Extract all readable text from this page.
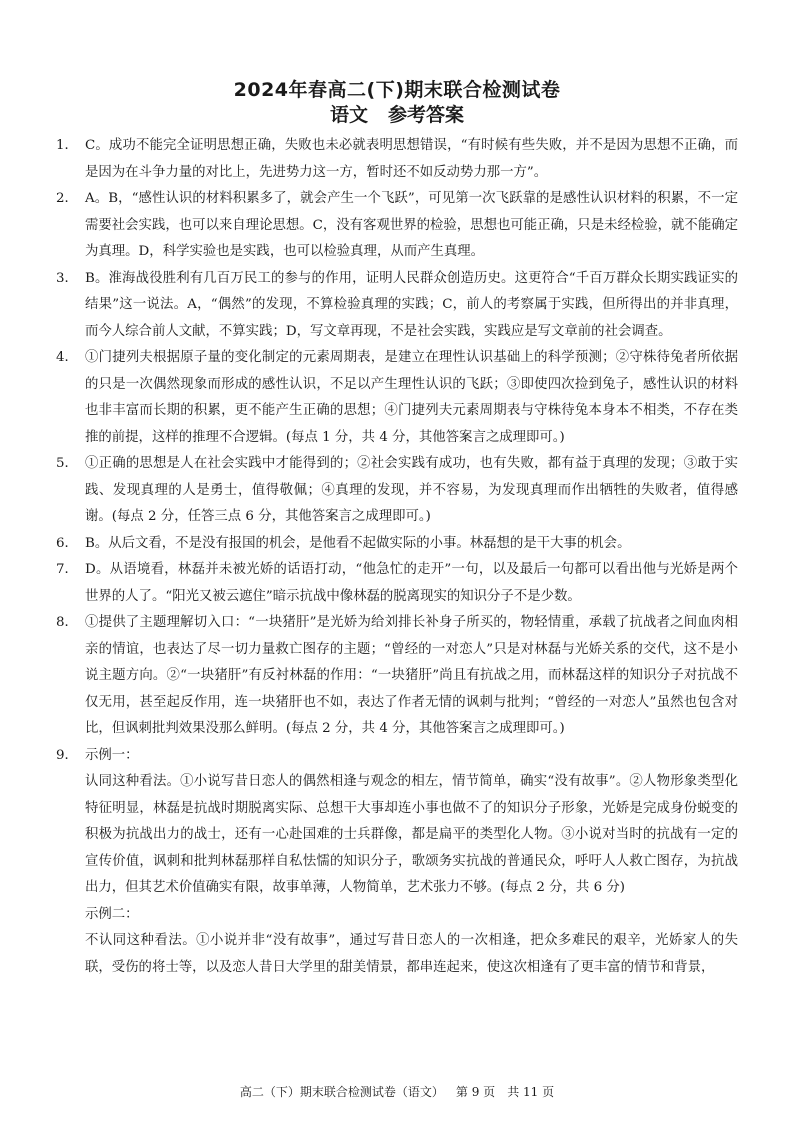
2024年春高二(下)期末联合检测试卷
语文 参考答案
1． C。成功不能完全证明思想正确，失败也未必就表明思想错误，“有时候有些失败，并不是因为思想不正确，而是因为在斗争力量的对比上，先进势力这一方，暂时还不如反动势力那一方”。
2． A。B，“感性认识的材料积累多了，就会产生一个飞跃”，可见第一次飞跃靠的是感性认识材料的积累，不一定需要社会实践，也可以来自理论思想。C，没有客观世界的检验，思想也可能正确，只是未经检验，就不能确定为真理。D，科学实验也是实践，也可以检验真理，从而产生真理。
3． B。淮海战役胜利有几百万民工的参与的作用，证明人民群众创造历史。这更符合“千百万群众长期实践证实的结果”这一说法。A，“偶然”的发现，不算检验真理的实践；C，前人的考察属于实践，但所得出的并非真理，而今人综合前人文献，不算实践；D，写文章再现，不是社会实践，实践应是写文章前的社会调查。
4． ①门捷列夫根据原子量的变化制定的元素周期表，是建立在理性认识基础上的科学预测；②守株待兔者所依据的只是一次偶然现象而形成的感性认识，不足以产生理性认识的飞跃；③即使四次捡到兔子，感性认识的材料也非丰富而长期的积累，更不能产生正确的思想；④门捷列夫元素周期表与守株待兔本身本不相类，不存在类推的前提，这样的推理不合逻辑。(每点 1 分，共 4 分，其他答案言之成理即可。)
5． ①正确的思想是人在社会实践中才能得到的；②社会实践有成功，也有失败，都有益于真理的发现；③敢于实践、发现真理的人是勇士，值得敬佩；④真理的发现，并不容易，为发现真理而作出牺牲的失败者，值得感谢。(每点 2 分，任答三点 6 分，其他答案言之成理即可。)
6． B。从后文看，不是没有报国的机会，是他看不起做实际的小事。林磊想的是干大事的机会。
7． D。从语境看，林磊并未被光娇的话语打动，“他急忙的走开”一句，以及最后一句都可以看出他与光娇是两个世界的人了。“阳光又被云遮住”暗示抗战中像林磊的脱离现实的知识分子不是少数。
8． ①提供了主题理解切入口：“一块猪肝”是光娇为给刘排长补身子所买的，物轻情重，承载了抗战者之间血肉相亲的情谊，也表达了尽一切力量救亡图存的主题；“曾经的一对恋人”只是对林磊与光娇关系的交代，这不是小说主题方向。②“一块猪肝”有反衬林磊的作用：“一块猪肝”尚且有抗战之用，而林磊这样的知识分子对抗战不仅无用，甚至起反作用，连一块猪肝也不如，表达了作者无情的讽刺与批判；“曾经的一对恋人”虽然也包含对比，但讽刺批判效果没那么鲜明。(每点 2 分，共 4 分，其他答案言之成理即可。)
9． 示例一：
认同这种看法。①小说写昔日恋人的偶然相逢与观念的相左，情节简单，确实“没有故事”。②人物形象类型化特征明显，林磊是抗战时期脱离实际、总想干大事却连小事也做不了的知识分子形象，光娇是完成身份蜕变的积极为抗战出力的战士，还有一心赴国难的士兵群像，都是扁平的类型化人物。③小说对当时的抗战有一定的宣传价值，讽刺和批判林磊那样自私怯懦的知识分子，歌颂务实抗战的普通民众，呼吁人人救亡图存，为抗战出力，但其艺术价值确实有限，故事单薄，人物简单，艺术张力不够。(每点 2 分，共 6 分)
示例二：
不认同这种看法。①小说并非“没有故事”，通过写昔日恋人的一次相逢，把众多难民的艰辛，光娇家人的失联，受伤的将士等，以及恋人昔日大学里的甜美情景，都串连起来，使这次相逢有了更丰富的情节和背景，
高二（下）期末联合检测试卷（语文） 第 9 页 共 11 页
